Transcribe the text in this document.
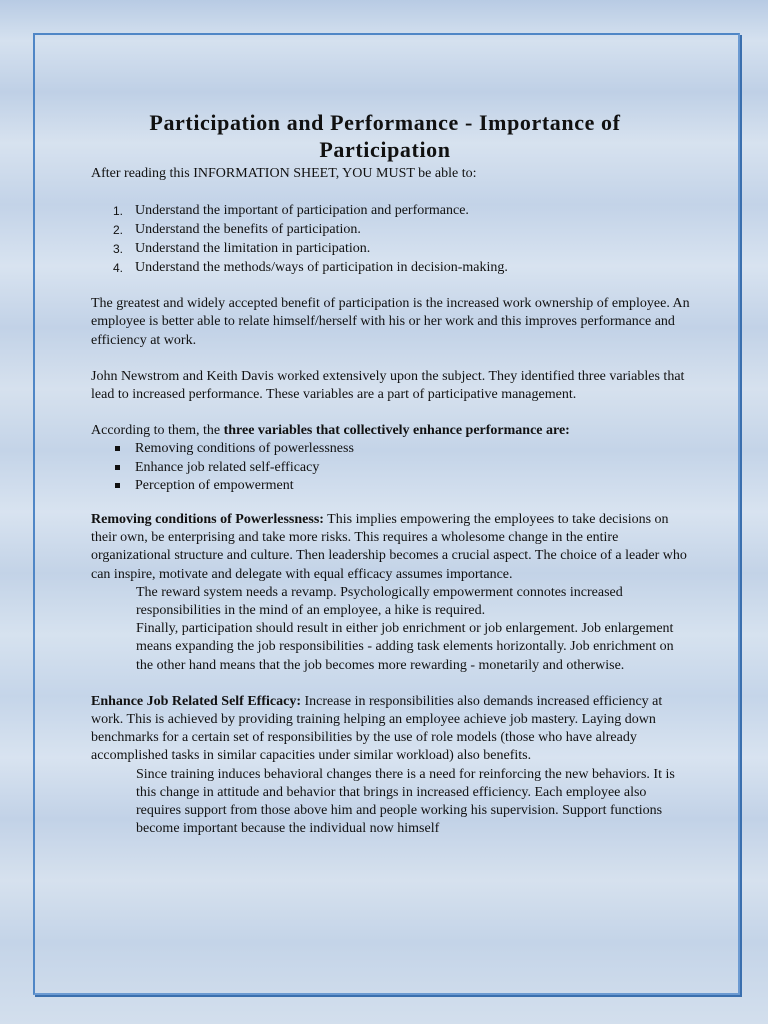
Participation and Performance - Importance of Participation

After reading this INFORMATION SHEET, YOU MUST be able to:

1. Understand the important of participation and performance.
2. Understand the benefits of participation.
3. Understand the limitation in participation.
4. Understand the methods/ways of participation in decision-making.

The greatest and widely accepted benefit of participation is the increased work ownership of employee. An employee is better able to relate himself/herself with his or her work and this improves performance and efficiency at work.

John Newstrom and Keith Davis worked extensively upon the subject. They identified three variables that lead to increased performance. These variables are a part of participative management.

According to them, the three variables that collectively enhance performance are:

Removing conditions of powerlessness
Enhance job related self-efficacy
Perception of empowerment

Removing conditions of Powerlessness: This implies empowering the employees to take decisions on their own, be enterprising and take more risks. This requires a wholesome change in the entire organizational structure and culture. Then leadership becomes a crucial aspect. The choice of a leader who can inspire, motivate and delegate with equal efficacy assumes importance.

The reward system needs a revamp. Psychologically empowerment connotes increased responsibilities in the mind of an employee, a hike is required.

Finally, participation should result in either job enrichment or job enlargement. Job enlargement means expanding the job responsibilities - adding task elements horizontally. Job enrichment on the other hand means that the job becomes more rewarding - monetarily and otherwise.

Enhance Job Related Self Efficacy: Increase in responsibilities also demands increased efficiency at work. This is achieved by providing training helping an employee achieve job mastery. Laying down benchmarks for a certain set of responsibilities by the use of role models (those who have already accomplished tasks in similar capacities under similar workload) also benefits.

Since training induces behavioral changes there is a need for reinforcing the new behaviors. It is this change in attitude and behavior that brings in increased efficiency. Each employee also requires support from those above him and people working his supervision. Support functions become important because the individual now himself
